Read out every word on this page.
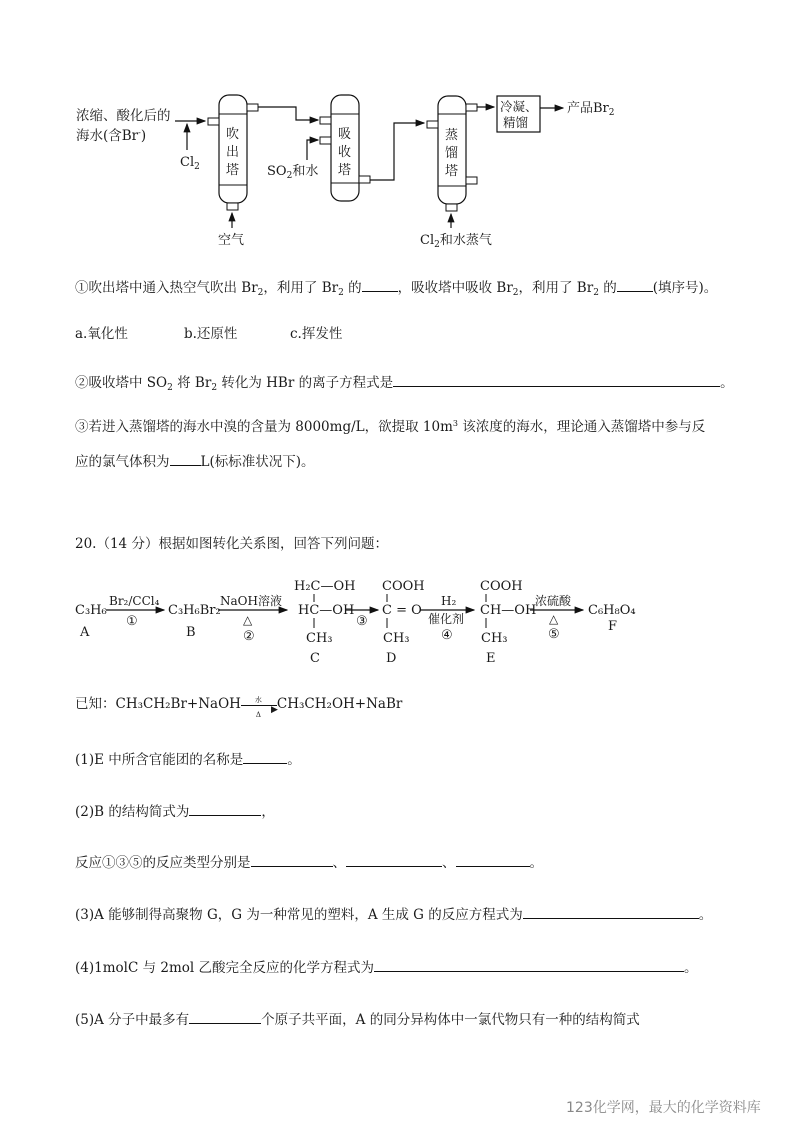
浓缩、酸化后的
海水(含Br-)
$Cl_2$
吹
出
塔
空气
吸
收
塔
$SO_2$和水
蒸
馏
塔
$Cl_2$和水蒸气
冷凝、
精馏
产品$Br_2$
①吹出塔中通入热空气吹出 $Br_2$，利用了 $Br_2$ 的	，吸收塔中吸收 $Br_2$，利用了 $Br_2$ 的	(填序号)。
a.氧化性	b.还原性	c.挥发性
②吸收塔中 $SO_2$ 将 $Br_2$ 转化为 HBr 的离子方程式是	。
③若进入蒸馏塔的海水中溴的含量为 8000mg/L，欲提取 $10m^3$ 该浓度的海水，理论通入蒸馏塔中参与反
应的氯气体积为 L(标标准状况下)。
20.（14 分）根据如图转化关系图，回答下列问题：
C₃H₆
A
Br₂/CCl₄
①
C₃H₆Br₂
B
NaOH溶液
△
②
H₂C—OH
HC—OH
CH₃
C
③
COOH
C = O
CH₃
D
H₂
催化剂
④
COOH
CH—OH
CH₃
E
浓硫酸
△
⑤
C₆H₈O₄
F
已知：CH₃CH₂Br+NaOH	▶
水
Δ
CH₃CH₂OH+NaBr
(1)E 中所含官能团的名称是	。
(2)B 的结构简式为	，
反应①③⑤的反应类型分别是	、	、	。
(3)A 能够制得高聚物 G，G 为一种常见的塑料，A 生成 G 的反应方程式为	。
(4)1molC 与 2mol 乙酸完全反应的化学方程式为	。
(5)A 分子中最多有	个原子共平面，A 的同分异构体中一氯代物只有一种的结构简式
123化学网，最大的化学资料库
